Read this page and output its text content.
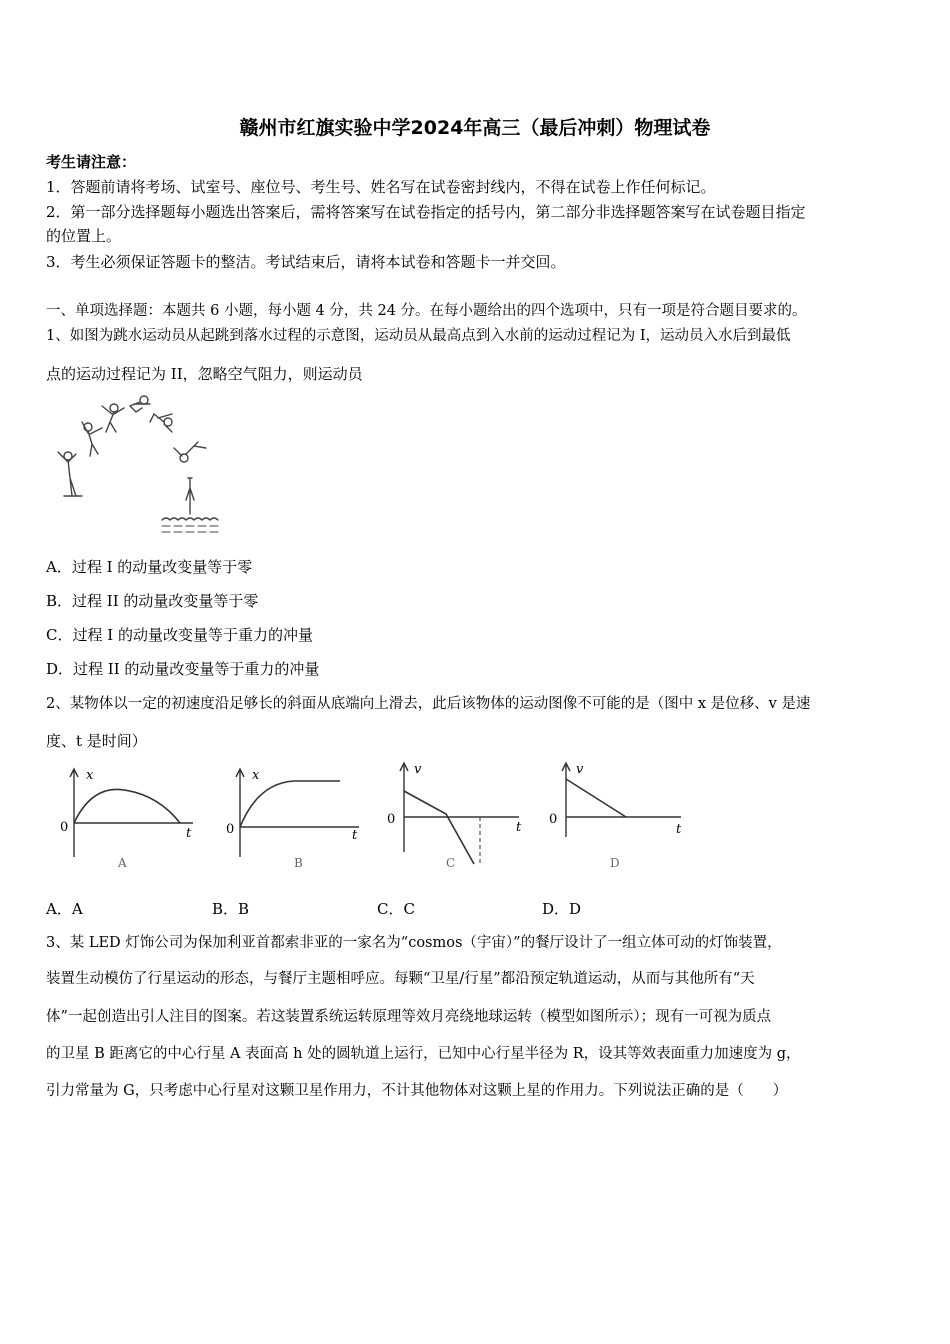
赣州市红旗实验中学2024年高三（最后冲刺）物理试卷
考生请注意：
1．答题前请将考场、试室号、座位号、考生号、姓名写在试卷密封线内，不得在试卷上作任何标记。
2．第一部分选择题每小题选出答案后，需将答案写在试卷指定的括号内，第二部分非选择题答案写在试卷题目指定
的位置上。
3．考生必须保证答题卡的整洁。考试结束后，请将本试卷和答题卡一并交回。
一、单项选择题：本题共 6 小题，每小题 4 分，共 24 分。在每小题给出的四个选项中，只有一项是符合题目要求的。
1、如图为跳水运动员从起跳到落水过程的示意图，运动员从最高点到入水前的运动过程记为 I，运动员入水后到最低
点的运动过程记为 II，忽略空气阻力，则运动员
A．过程 I 的动量改变量等于零
B．过程 II 的动量改变量等于零
C．过程 I 的动量改变量等于重力的冲量
D．过程 II 的动量改变量等于重力的冲量
2、某物体以一定的初速度沿足够长的斜面从底端向上滑去，此后该物体的运动图像不可能的是（图中 x 是位移、v 是速
度、t 是时间）
x
0	t
A
x
0	t
B
v
0
t
C
v
0
t
D
A．A	B．B	C．C	D．D
3、某 LED 灯饰公司为保加利亚首都索非亚的一家名为“cosmos（宇宙）”的餐厅设计了一组立体可动的灯饰装置，
装置生动模仿了行星运动的形态，与餐厅主题相呼应。每颗“卫星/行星”都沿预定轨道运动，从而与其他所有“天
体”一起创造出引人注目的图案。若这装置系统运转原理等效月亮绕地球运转（模型如图所示）；现有一可视为质点
的卫星 B 距离它的中心行星 A 表面高 h 处的圆轨道上运行，已知中心行星半径为 R，设其等效表面重力加速度为 g，
引力常量为 G，只考虑中心行星对这颗卫星作用力，不计其他物体对这颗上星的作用力。下列说法正确的是（　　）
